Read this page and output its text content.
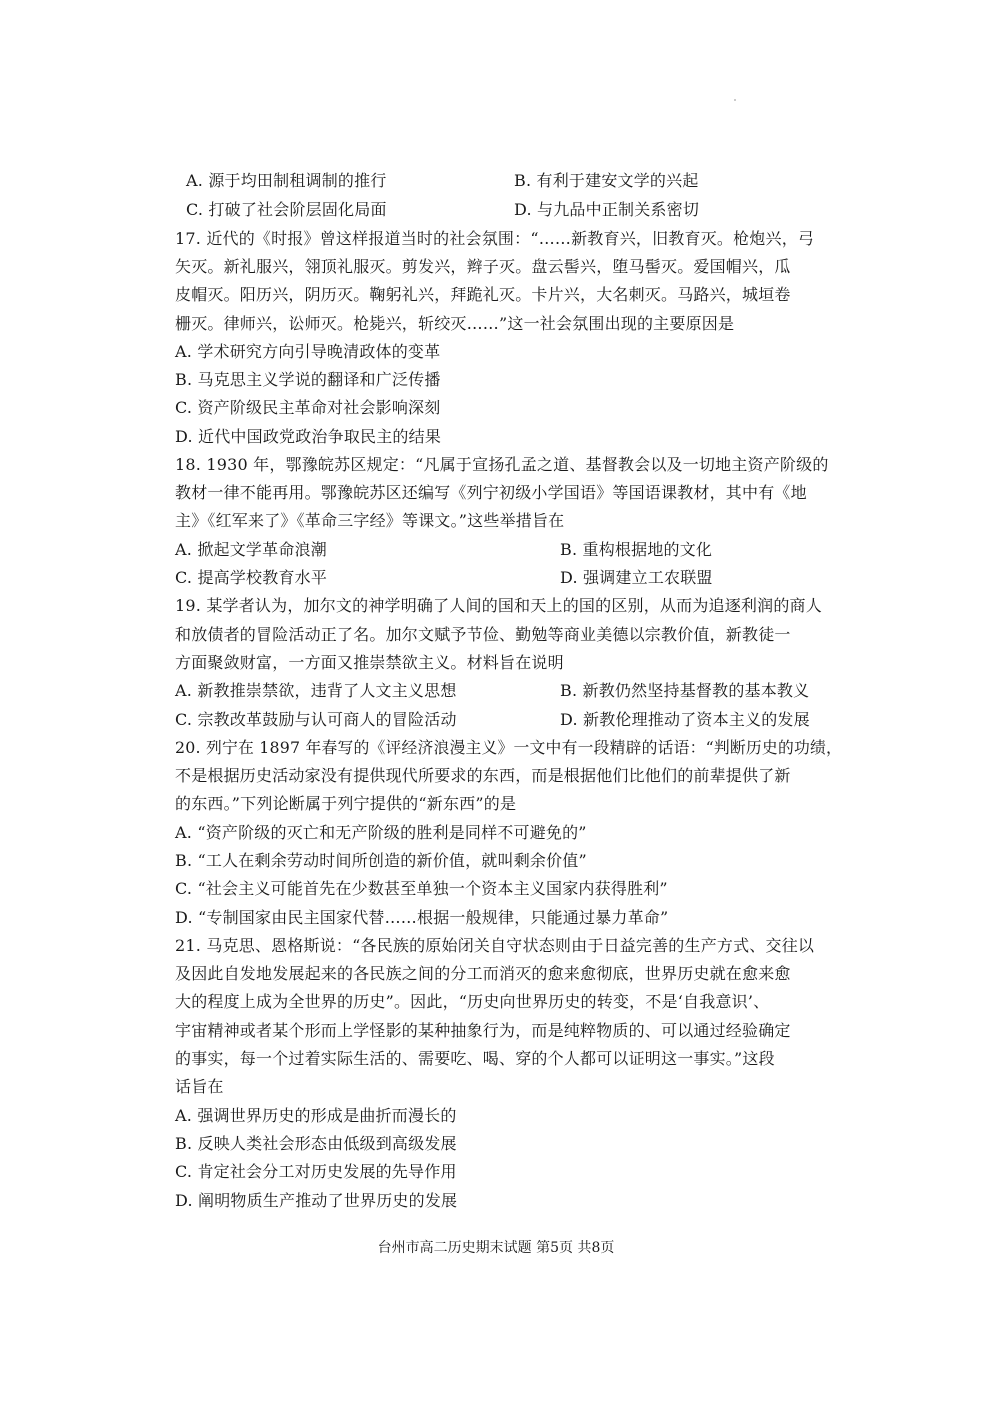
A. 源于均田制租调制的推行	B. 有利于建安文学的兴起
C. 打破了社会阶层固化局面	D. 与九品中正制关系密切
17. 近代的《时报》曾这样报道当时的社会氛围：“……新教育兴，旧教育灭。枪炮兴，弓
矢灭。新礼服兴，翎顶礼服灭。剪发兴，辫子灭。盘云髻兴，堕马髻灭。爱国帽兴，瓜
皮帽灭。阳历兴，阴历灭。鞠躬礼兴，拜跪礼灭。卡片兴，大名刺灭。马路兴，城垣卷
栅灭。律师兴，讼师灭。枪毙兴，斩绞灭……”这一社会氛围出现的主要原因是
A. 学术研究方向引导晚清政体的变革
B. 马克思主义学说的翻译和广泛传播
C. 资产阶级民主革命对社会影响深刻
D. 近代中国政党政治争取民主的结果
18. 1930 年，鄂豫皖苏区规定：“凡属于宣扬孔孟之道、基督教会以及一切地主资产阶级的
教材一律不能再用。鄂豫皖苏区还编写《列宁初级小学国语》等国语课教材，其中有《地
主》《红军来了》《革命三字经》等课文。”这些举措旨在
A. 掀起文学革命浪潮	B. 重构根据地的文化
C. 提高学校教育水平	D. 强调建立工农联盟
19. 某学者认为，加尔文的神学明确了人间的国和天上的国的区别，从而为追逐利润的商人
和放债者的冒险活动正了名。加尔文赋予节俭、勤勉等商业美德以宗教价值，新教徒一
方面聚敛财富，一方面又推崇禁欲主义。材料旨在说明
A. 新教推崇禁欲，违背了人文主义思想	B. 新教仍然坚持基督教的基本教义
C. 宗教改革鼓励与认可商人的冒险活动	D. 新教伦理推动了资本主义的发展
20. 列宁在 1897 年春写的《评经济浪漫主义》一文中有一段精辟的话语：“判断历史的功绩，
不是根据历史活动家没有提供现代所要求的东西，而是根据他们比他们的前辈提供了新
的东西。”下列论断属于列宁提供的“新东西”的是
A. “资产阶级的灭亡和无产阶级的胜利是同样不可避免的”
B. “工人在剩余劳动时间所创造的新价值，就叫剩余价值”
C. “社会主义可能首先在少数甚至单独一个资本主义国家内获得胜利”
D. “专制国家由民主国家代替……根据一般规律，只能通过暴力革命”
21. 马克思、恩格斯说：“各民族的原始闭关自守状态则由于日益完善的生产方式、交往以
及因此自发地发展起来的各民族之间的分工而消灭的愈来愈彻底，世界历史就在愈来愈
大的程度上成为全世界的历史”。因此，“历史向世界历史的转变，不是‘自我意识’、
宇宙精神或者某个形而上学怪影的某种抽象行为，而是纯粹物质的、可以通过经验确定
的事实，每一个过着实际生活的、需要吃、喝、穿的个人都可以证明这一事实。”这段
话旨在
A. 强调世界历史的形成是曲折而漫长的
B. 反映人类社会形态由低级到高级发展
C. 肯定社会分工对历史发展的先导作用
D. 阐明物质生产推动了世界历史的发展
台州市高二历史期末试题 第5页 共8页
